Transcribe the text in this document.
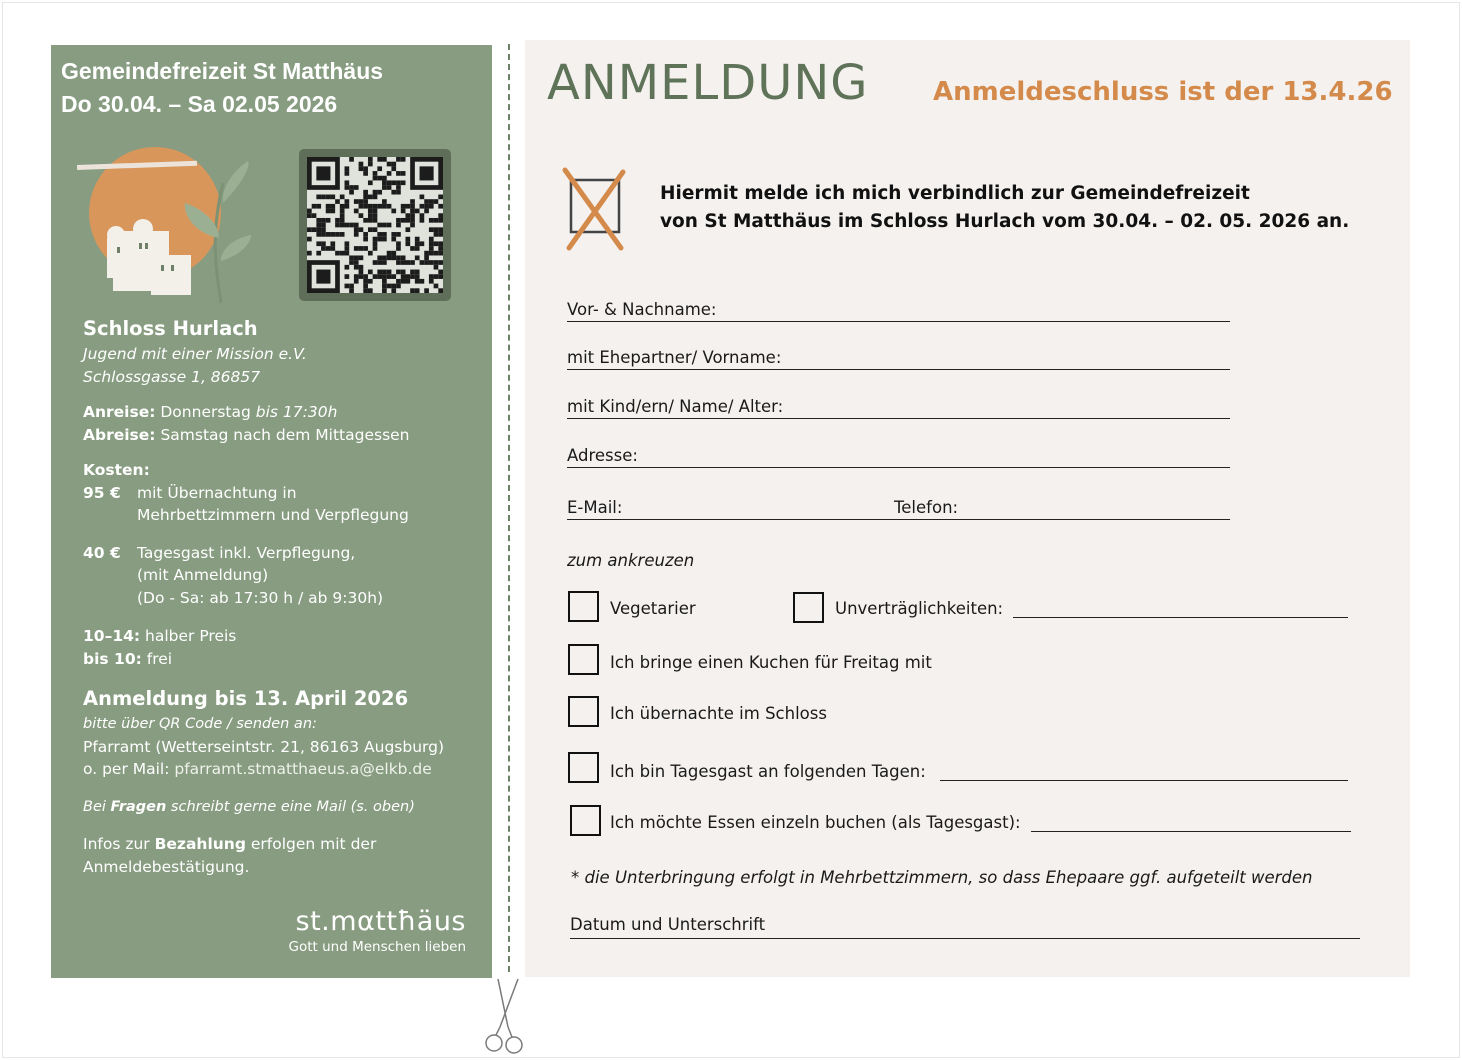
Gemeindefreizeit St Matthäus
Do 30.04. – Sa 02.05 2026
Schloss Hurlach
Jugend mit einer Mission e.V.
Schlossgasse 1, 86857
Anreise: Donnerstag bis 17:30h
Abreise: Samstag nach dem Mittagessen
Kosten:
95 €	mit Übernachtung in
Mehrbettzimmern und Verpflegung
40 €	Tagesgast inkl. Verpflegung,
(mit Anmeldung)
(Do - Sa: ab 17:30 h / ab 9:30h)
10–14: halber Preis
bis 10: frei
Anmeldung bis 13. April 2026
bitte über QR Code / senden an:
Pfarramt (Wetterseintstr. 21, 86163 Augsburg)
o. per Mail: pfarramt.stmatthaeus.a@elkb.de
Bei Fragen schreibt gerne eine Mail (s. oben)
Infos zur Bezahlung erfolgen mit der
Anmeldebestätigung.
st.mαttħäus
Gott und Menschen lieben
ANMELDUNG Anmeldeschluss ist der 13.4.26
Hiermit melde ich mich verbindlich zur Gemeindefreizeit
von St Matthäus im Schloss Hurlach vom 30.04. – 02. 05. 2026 an.
Vor- & Nachname:
mit Ehepartner/ Vorname:
mit Kind/ern/ Name/ Alter:
Adresse:
E-Mail:	Telefon:
zum ankreuzen
Vegetarier	Unverträglichkeiten:
Ich bringe einen Kuchen für Freitag mit
Ich übernachte im Schloss
Ich bin Tagesgast an folgenden Tagen:
Ich möchte Essen einzeln buchen (als Tagesgast):
* die Unterbringung erfolgt in Mehrbettzimmern, so dass Ehepaare ggf. aufgeteilt werden
Datum und Unterschrift
